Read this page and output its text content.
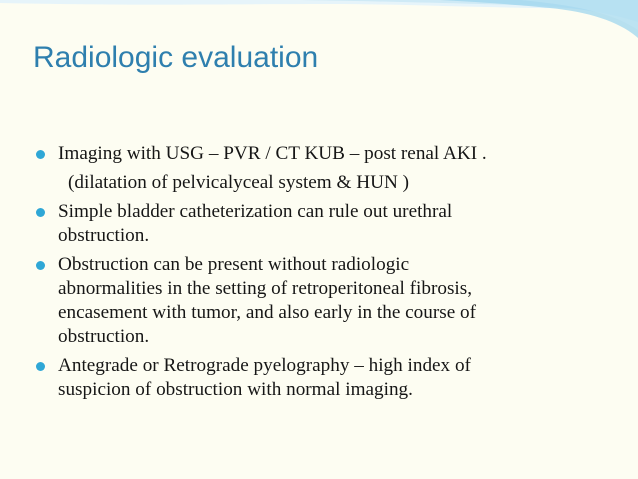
Radiologic evaluation
Imaging with USG – PVR / CT KUB – post renal AKI .
(dilatation of pelvicalyceal system & HUN )
Simple bladder catheterization can rule out urethral
obstruction.
Obstruction can be present without radiologic
abnormalities in the setting of retroperitoneal fibrosis,
encasement with tumor, and also early in the course of
obstruction.
Antegrade or Retrograde pyelography – high index of
suspicion of obstruction with normal imaging.
